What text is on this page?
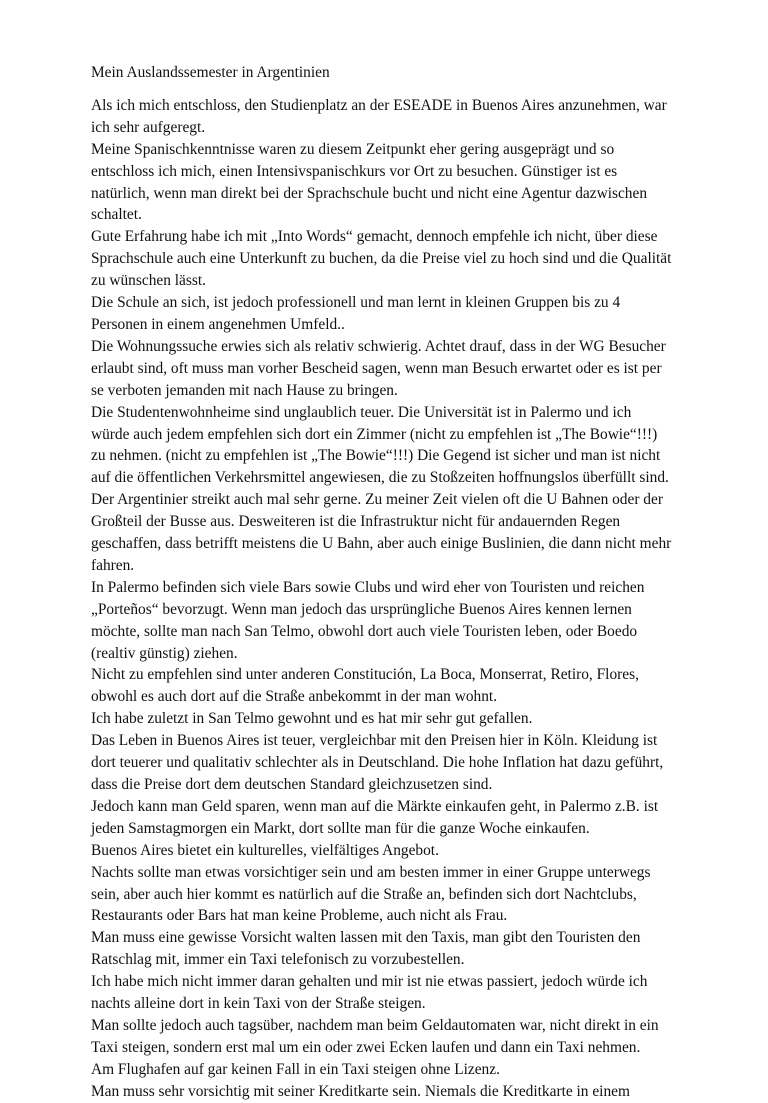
Mein Auslandssemester in Argentinien

Als ich mich entschloss, den Studienplatz an der ESEADE in Buenos Aires anzunehmen, war
ich sehr aufgeregt.
Meine Spanischkenntnisse waren zu diesem Zeitpunkt eher gering ausgeprägt und so
entschloss ich mich, einen Intensivspanischkurs vor Ort zu besuchen. Günstiger ist es
natürlich, wenn man direkt bei der Sprachschule bucht und nicht eine Agentur dazwischen
schaltet.
Gute Erfahrung habe ich mit „Into Words“ gemacht, dennoch empfehle ich nicht, über diese
Sprachschule auch eine Unterkunft zu buchen, da die Preise viel zu hoch sind und die Qualität
zu wünschen lässt.
Die Schule an sich, ist jedoch professionell und man lernt in kleinen Gruppen bis zu 4
Personen in einem angenehmen Umfeld..
Die Wohnungssuche erwies sich als relativ schwierig. Achtet drauf, dass in der WG Besucher
erlaubt sind, oft muss man vorher Bescheid sagen, wenn man Besuch erwartet oder es ist per
se verboten jemanden mit nach Hause zu bringen.
Die Studentenwohnheime sind unglaublich teuer. Die Universität ist in Palermo und ich
würde auch jedem empfehlen sich dort ein Zimmer (nicht zu empfehlen ist „The Bowie“!!!)
zu nehmen. (nicht zu empfehlen ist „The Bowie“!!!) Die Gegend ist sicher und man ist nicht
auf die öffentlichen Verkehrsmittel angewiesen, die zu Stoßzeiten hoffnungslos überfüllt sind.
Der Argentinier streikt auch mal sehr gerne. Zu meiner Zeit vielen oft die U Bahnen oder der
Großteil der Busse aus. Desweiteren ist die Infrastruktur nicht für andauernden Regen
geschaffen, dass betrifft meistens die U Bahn, aber auch einige Buslinien, die dann nicht mehr
fahren.
In Palermo befinden sich viele Bars sowie Clubs und wird eher von Touristen und reichen
„Porteños“ bevorzugt. Wenn man jedoch das ursprüngliche Buenos Aires kennen lernen
möchte, sollte man nach San Telmo, obwohl dort auch viele Touristen leben, oder Boedo
(realtiv günstig) ziehen.
Nicht zu empfehlen sind unter anderen Constitución, La Boca, Monserrat, Retiro, Flores,
obwohl es auch dort auf die Straße anbekommt in der man wohnt.
Ich habe zuletzt in San Telmo gewohnt und es hat mir sehr gut gefallen.
Das Leben in Buenos Aires ist teuer, vergleichbar mit den Preisen hier in Köln. Kleidung ist
dort teuerer und qualitativ schlechter als in Deutschland. Die hohe Inflation hat dazu geführt,
dass die Preise dort dem deutschen Standard gleichzusetzen sind.
Jedoch kann man Geld sparen, wenn man auf die Märkte einkaufen geht, in Palermo z.B. ist
jeden Samstagmorgen ein Markt, dort sollte man für die ganze Woche einkaufen.
Buenos Aires bietet ein kulturelles, vielfältiges Angebot.
Nachts sollte man etwas vorsichtiger sein und am besten immer in einer Gruppe unterwegs
sein, aber auch hier kommt es natürlich auf die Straße an, befinden sich dort Nachtclubs,
Restaurants oder Bars hat man keine Probleme, auch nicht als Frau.
Man muss eine gewisse Vorsicht walten lassen mit den Taxis, man gibt den Touristen den
Ratschlag mit, immer ein Taxi telefonisch zu vorzubestellen.
Ich habe mich nicht immer daran gehalten und mir ist nie etwas passiert, jedoch würde ich
nachts alleine dort in kein Taxi von der Straße steigen.
Man sollte jedoch auch tagsüber, nachdem man beim Geldautomaten war, nicht direkt in ein
Taxi steigen, sondern erst mal um ein oder zwei Ecken laufen und dann ein Taxi nehmen.
Am Flughafen auf gar keinen Fall in ein Taxi steigen ohne Lizenz.
Man muss sehr vorsichtig mit seiner Kreditkarte sein. Niemals die Kreditkarte in einem
